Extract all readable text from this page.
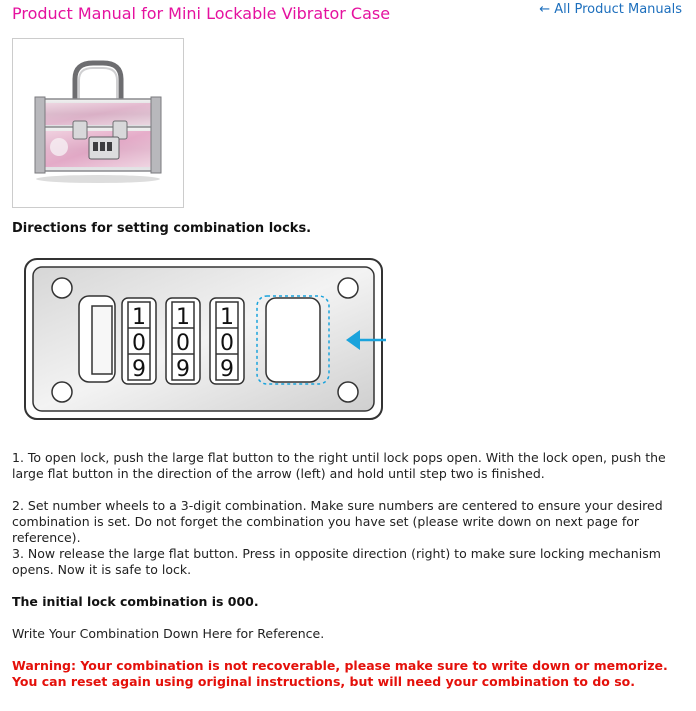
Product Manual for Mini Lockable Vibrator Case	← All Product Manuals
Directions for setting combination locks.
1
0
9
1
0
9
1
0
9

1. To open lock, push the large flat button to the right until lock pops open. With the lock open, push the large flat button in the direction of the arrow (left) and hold until step two is finished.

2. Set number wheels to a 3-digit combination. Make sure numbers are centered to ensure your desired combination is set. Do not forget the combination you have set (please write down on next page for reference).

3. Now release the large flat button. Press in opposite direction (right) to make sure locking mechanism opens. Now it is safe to lock.

The initial lock combination is 000.

Write Your Combination Down Here for Reference.

Warning: Your combination is not recoverable, please make sure to write down or memorize. You can reset again using original instructions, but will need your combination to do so.
